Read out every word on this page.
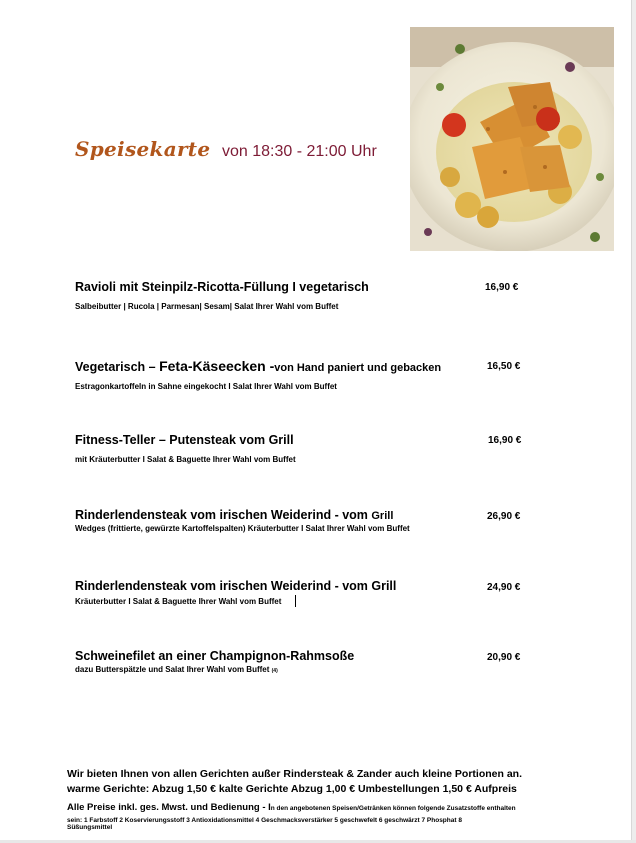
Speisekarte von 18:30 - 21:00 Uhr
Ravioli mit Steinpilz-Ricotta-Füllung I vegetarisch
Salbeibutter | Rucola | Parmesan| Sesam| Salat Ihrer Wahl vom Buffet
16,90 €
Vegetarisch – Feta-Käseecken -von Hand paniert und gebacken
Estragonkartoffeln in Sahne eingekocht I Salat Ihrer Wahl vom Buffet
16,50 €
Fitness-Teller – Putensteak vom Grill
mit Kräuterbutter I Salat & Baguette Ihrer Wahl vom Buffet
16,90 €
Rinderlendensteak vom irischen Weiderind - vom Grill
Wedges (frittierte, gewürzte Kartoffelspalten) Kräuterbutter I Salat Ihrer Wahl vom Buffet
26,90 €
Rinderlendensteak vom irischen Weiderind - vom Grill
Kräuterbutter I Salat & Baguette Ihrer Wahl vom Buffet
24,90 €
Schweinefilet an einer Champignon-Rahmsoße
dazu Butterspätzle und Salat Ihrer Wahl vom Buffet (4)
20,90 €
Wir bieten Ihnen von allen Gerichten außer Rindersteak & Zander auch kleine Portionen an.
warme Gerichte: Abzug 1,50 € kalte Gerichte Abzug 1,00 € Umbestellungen 1,50 € Aufpreis
Alle Preise inkl. ges. Mwst. und Bedienung - In den angebotenen Speisen/Getränken können folgende Zusatzstoffe enthalten
sein: 1 Farbstoff 2 Koservierungsstoff 3 Antioxidationsmittel 4 Geschmacksverstärker 5 geschwefelt 6 geschwärzt 7 Phosphat 8
Süßungsmittel
